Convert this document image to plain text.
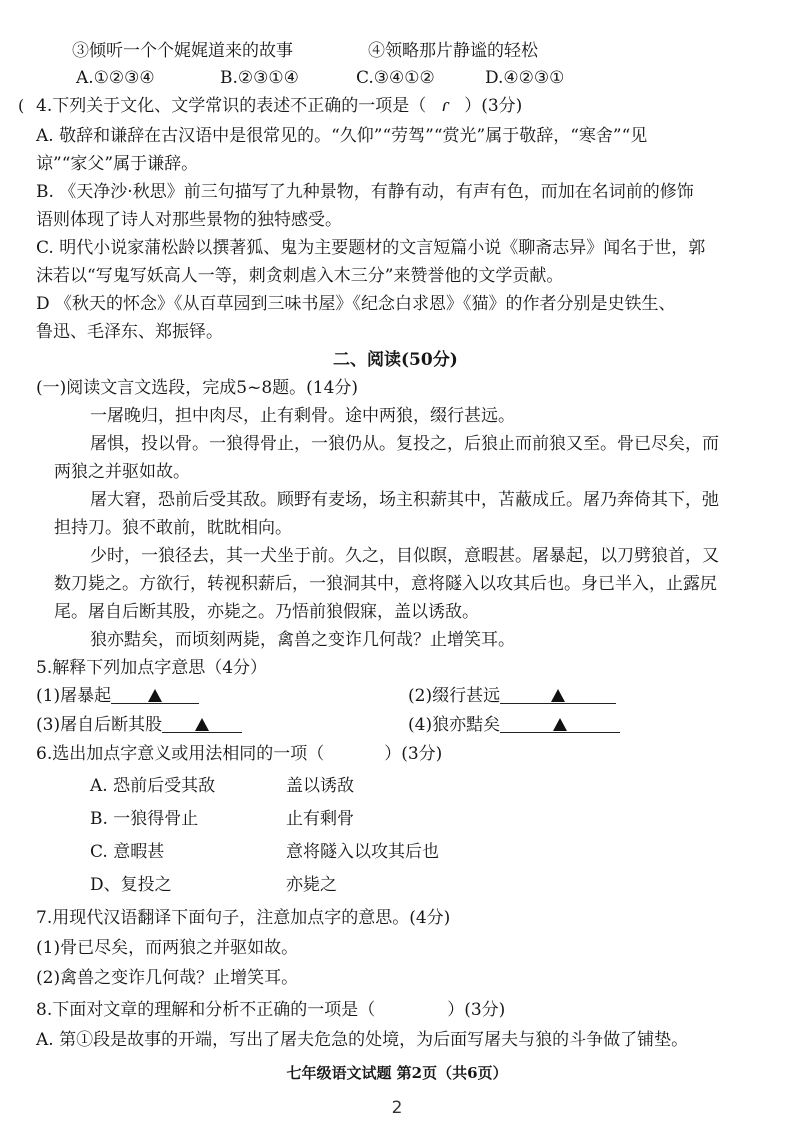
③倾听一个个娓娓道来的故事	④领略那片静谧的轻松
A.①②③④	B.②③①④	C.③④①②	D.④②③①
( 4.下列关于文化、文学常识的表述不正确的一项是（ ɾ ）(3分)
A. 敬辞和谦辞在古汉语中是很常见的。“久仰”“劳驾”“赏光”属于敬辞，“寒舍”“见
谅”“家父”属于谦辞。
B. 《天净沙·秋思》前三句描写了九种景物，有静有动，有声有色，而加在名词前的修饰
语则体现了诗人对那些景物的独特感受。
C. 明代小说家蒲松龄以撰著狐、鬼为主要题材的文言短篇小说《聊斋志异》闻名于世，郭
沫若以“写鬼写妖高人一等，刺贪刺虐入木三分”来赞誉他的文学贡献。
D 《秋天的怀念》《从百草园到三味书屋》《纪念白求恩》《猫》的作者分别是史铁生、
鲁迅、毛泽东、郑振铎。
二、阅读(50分)
(一)阅读文言文选段，完成5~8题。(14分)
一屠晚归，担中肉尽，止有剩骨。途中两狼，缀行甚远。
屠惧，投以骨。一狼得骨止，一狼仍从。复投之，后狼止而前狼又至。骨已尽矣，而
两狼之并驱如故。
屠大窘，恐前后受其敌。顾野有麦场，场主积薪其中，苫蔽成丘。屠乃奔倚其下，弛
担持刀。狼不敢前，眈眈相向。
少时，一狼径去，其一犬坐于前。久之，目似瞑，意暇甚。屠暴起，以刀劈狼首，又
数刀毙之。方欲行，转视积薪后，一狼洞其中，意将隧入以攻其后也。身已半入，止露尻
尾。屠自后断其股，亦毙之。乃悟前狼假寐，盖以诱敌。
狼亦黠矣，而顷刻两毙，禽兽之变诈几何哉？止增笑耳。
5.解释下列加点字意思（4分）
(1)屠暴起	(2)缀行甚远
(3)屠自后断其股	(4)狼亦黠矣
6.选出加点字意义或用法相同的一项（	）(3分)
A. 恐前后受其敌	盖以诱敌
B. 一狼得骨止	止有剩骨
C. 意暇甚	意将隧入以攻其后也
D、复投之	亦毙之
7.用现代汉语翻译下面句子，注意加点字的意思。(4分)
(1)骨已尽矣，而两狼之并驱如故。
(2)禽兽之变诈几何哉？止增笑耳。
8.下面对文章的理解和分析不正确的一项是（	）(3分)
A. 第①段是故事的开端，写出了屠夫危急的处境，为后面写屠夫与狼的斗争做了铺垫。
七年级语文试题 第2页（共6页）
2
